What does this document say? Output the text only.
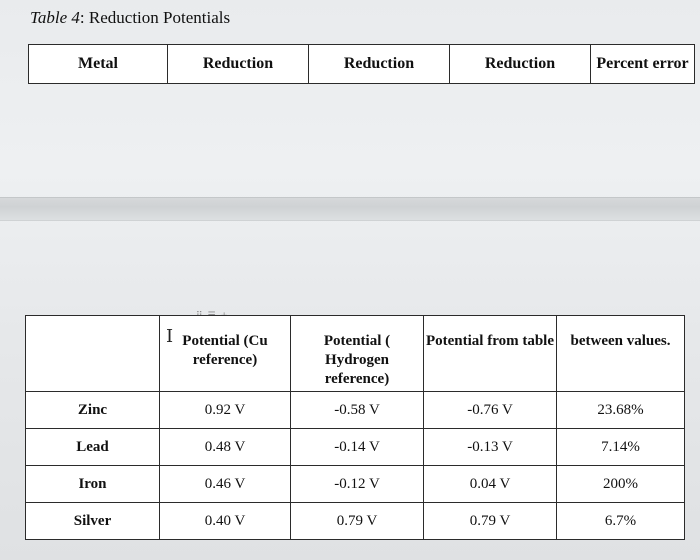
Table 4: Reduction Potentials
Metal	Reduction	Reduction	Reduction	Percent error
	Potential (Cu reference)	Potential ( Hydrogen reference)	Potential from table	between values.
Zinc	0.92 V	-0.58 V	-0.76 V	23.68%
Lead	0.48 V	-0.14 V	-0.13 V	7.14%
Iron	0.46 V	-0.12 V	0.04 V	200%
Silver	0.40 V	0.79 V	0.79 V	6.7%
I
